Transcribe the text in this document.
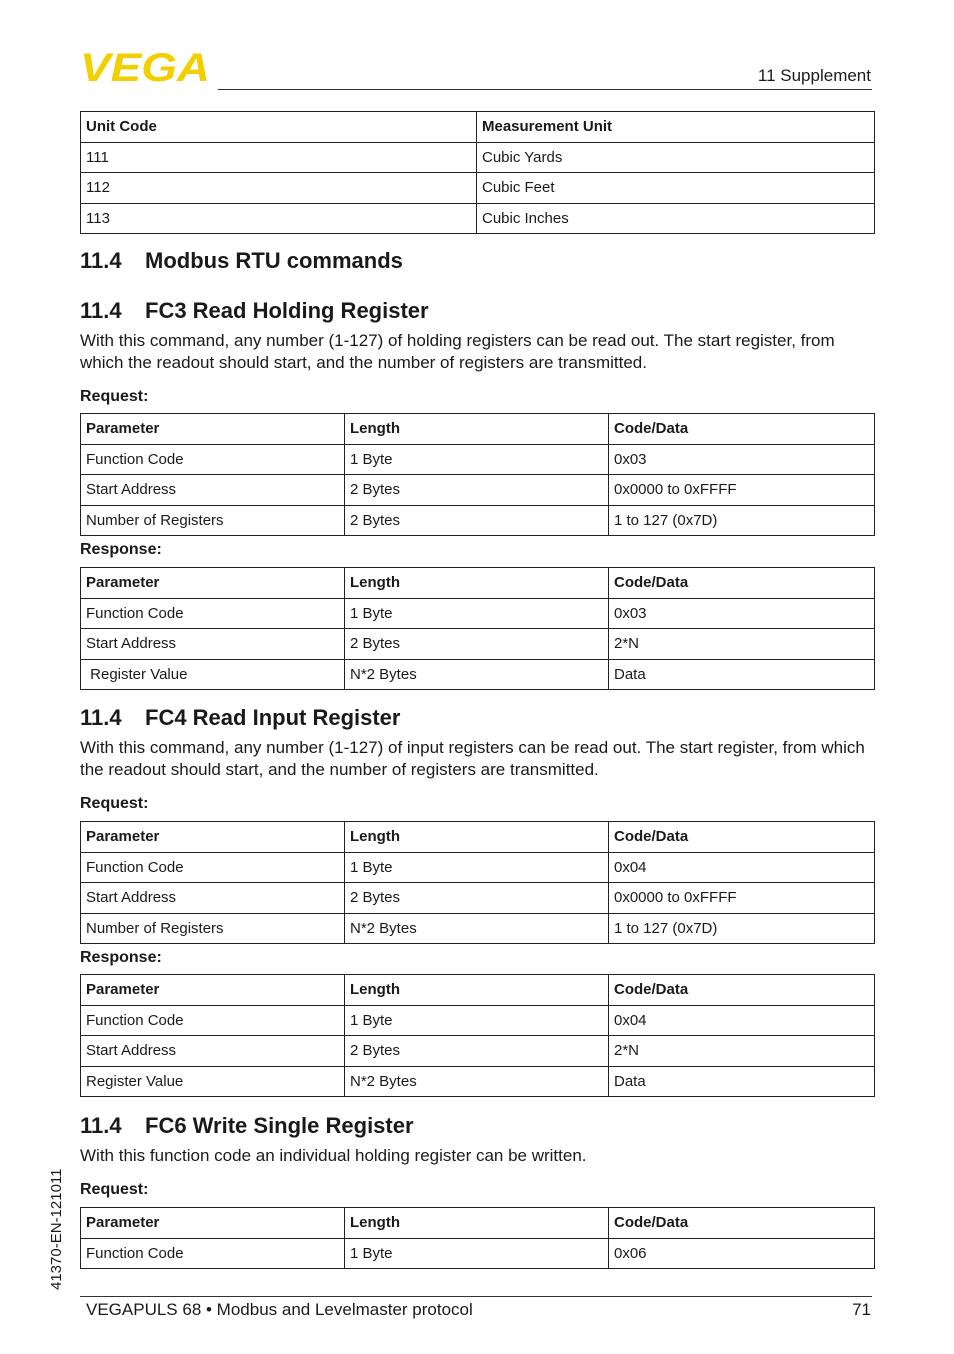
VEGA	11 Supplement
Unit Code	Measurement Unit
111	Cubic Yards
112	Cubic Feet
113	Cubic Inches
11.4 Modbus RTU commands
11.4 FC3 Read Holding Register

With this command, any number (1-127) of holding registers can be read out. The start register, from which the readout should start, and the number of registers are transmitted.

Request:
Parameter	Length	Code/Data
Function Code	1 Byte	0x03
Start Address	2 Bytes	0x0000 to 0xFFFF
Number of Registers	2 Bytes	1 to 127 (0x7D)
Response:
Parameter	Length	Code/Data
Function Code	1 Byte	0x03
Start Address	2 Bytes	2*N
Register Value	N*2 Bytes	Data
11.4 FC4 Read Input Register

With this command, any number (1-127) of input registers can be read out. The start register, from which the readout should start, and the number of registers are transmitted.

Request:
Parameter	Length	Code/Data
Function Code	1 Byte	0x04
Start Address	2 Bytes	0x0000 to 0xFFFF
Number of Registers	N*2 Bytes	1 to 127 (0x7D)
Response:
Parameter	Length	Code/Data
Function Code	1 Byte	0x04
Start Address	2 Bytes	2*N
Register Value	N*2 Bytes	Data
11.4 FC6 Write Single Register

With this function code an individual holding register can be written.

Request:
Parameter	Length	Code/Data
Function Code	1 Byte	0x06
41370-EN-121011
VEGAPULS 68 • Modbus and Levelmaster protocol	71
